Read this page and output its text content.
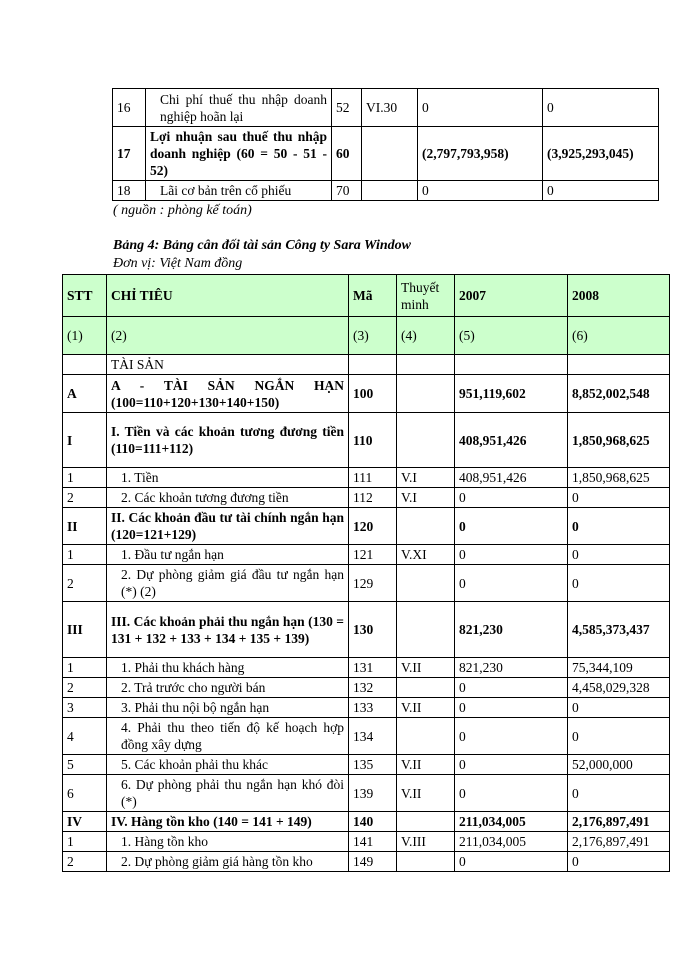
16	Chi phí thuế thu nhập doanh nghiệp hoãn lại	52	VI.30	0	0
17	Lợi nhuận sau thuế thu nhập doanh nghiệp (60 = 50 - 51 - 52)	60		(2,797,793,958)	(3,925,293,045)
18	Lãi cơ bản trên cổ phiếu	70		0	0
( nguồn : phòng kế toán)
Bảng 4: Bảng cân đối tài sản Công ty Sara Window
Đơn vị: Việt Nam đồng
STT	CHỈ TIÊU	Mã	Thuyết minh	2007	2008
(1)	(2)	(3)	(4)	(5)	(6)
	TÀI SẢN				
A	A - TÀI SẢN NGẮN HẠN (100=110+120+130+140+150)	100		951,119,602	8,852,002,548
I	I. Tiền và các khoản tương đương tiền (110=111+112)	110		408,951,426	1,850,968,625
1	1. Tiền	111	V.I	408,951,426	1,850,968,625
2	2. Các khoản tương đương tiền	112	V.I	0	0
II	II. Các khoản đầu tư tài chính ngắn hạn (120=121+129)	120		0	0
1	1. Đầu tư ngắn hạn	121	V.XI	0	0
2	2. Dự phòng giảm giá đầu tư ngắn hạn (*) (2)	129		0	0
III	III. Các khoản phải thu ngắn hạn (130 = 131 + 132 + 133 + 134 + 135 + 139)	130		821,230	4,585,373,437
1	1. Phải thu khách hàng	131	V.II	821,230	75,344,109
2	2. Trả trước cho người bán	132		0	4,458,029,328
3	3. Phải thu nội bộ ngắn hạn	133	V.II	0	0
4	4. Phải thu theo tiến độ kế hoạch hợp đồng xây dựng	134		0	0
5	5. Các khoản phải thu khác	135	V.II	0	52,000,000
6	6. Dự phòng phải thu ngắn hạn khó đòi (*)	139	V.II	0	0
IV	IV. Hàng tồn kho (140 = 141 + 149)	140		211,034,005	2,176,897,491
1	1. Hàng tồn kho	141	V.III	211,034,005	2,176,897,491
2	2. Dự phòng giảm giá hàng tồn kho	149		0	0
